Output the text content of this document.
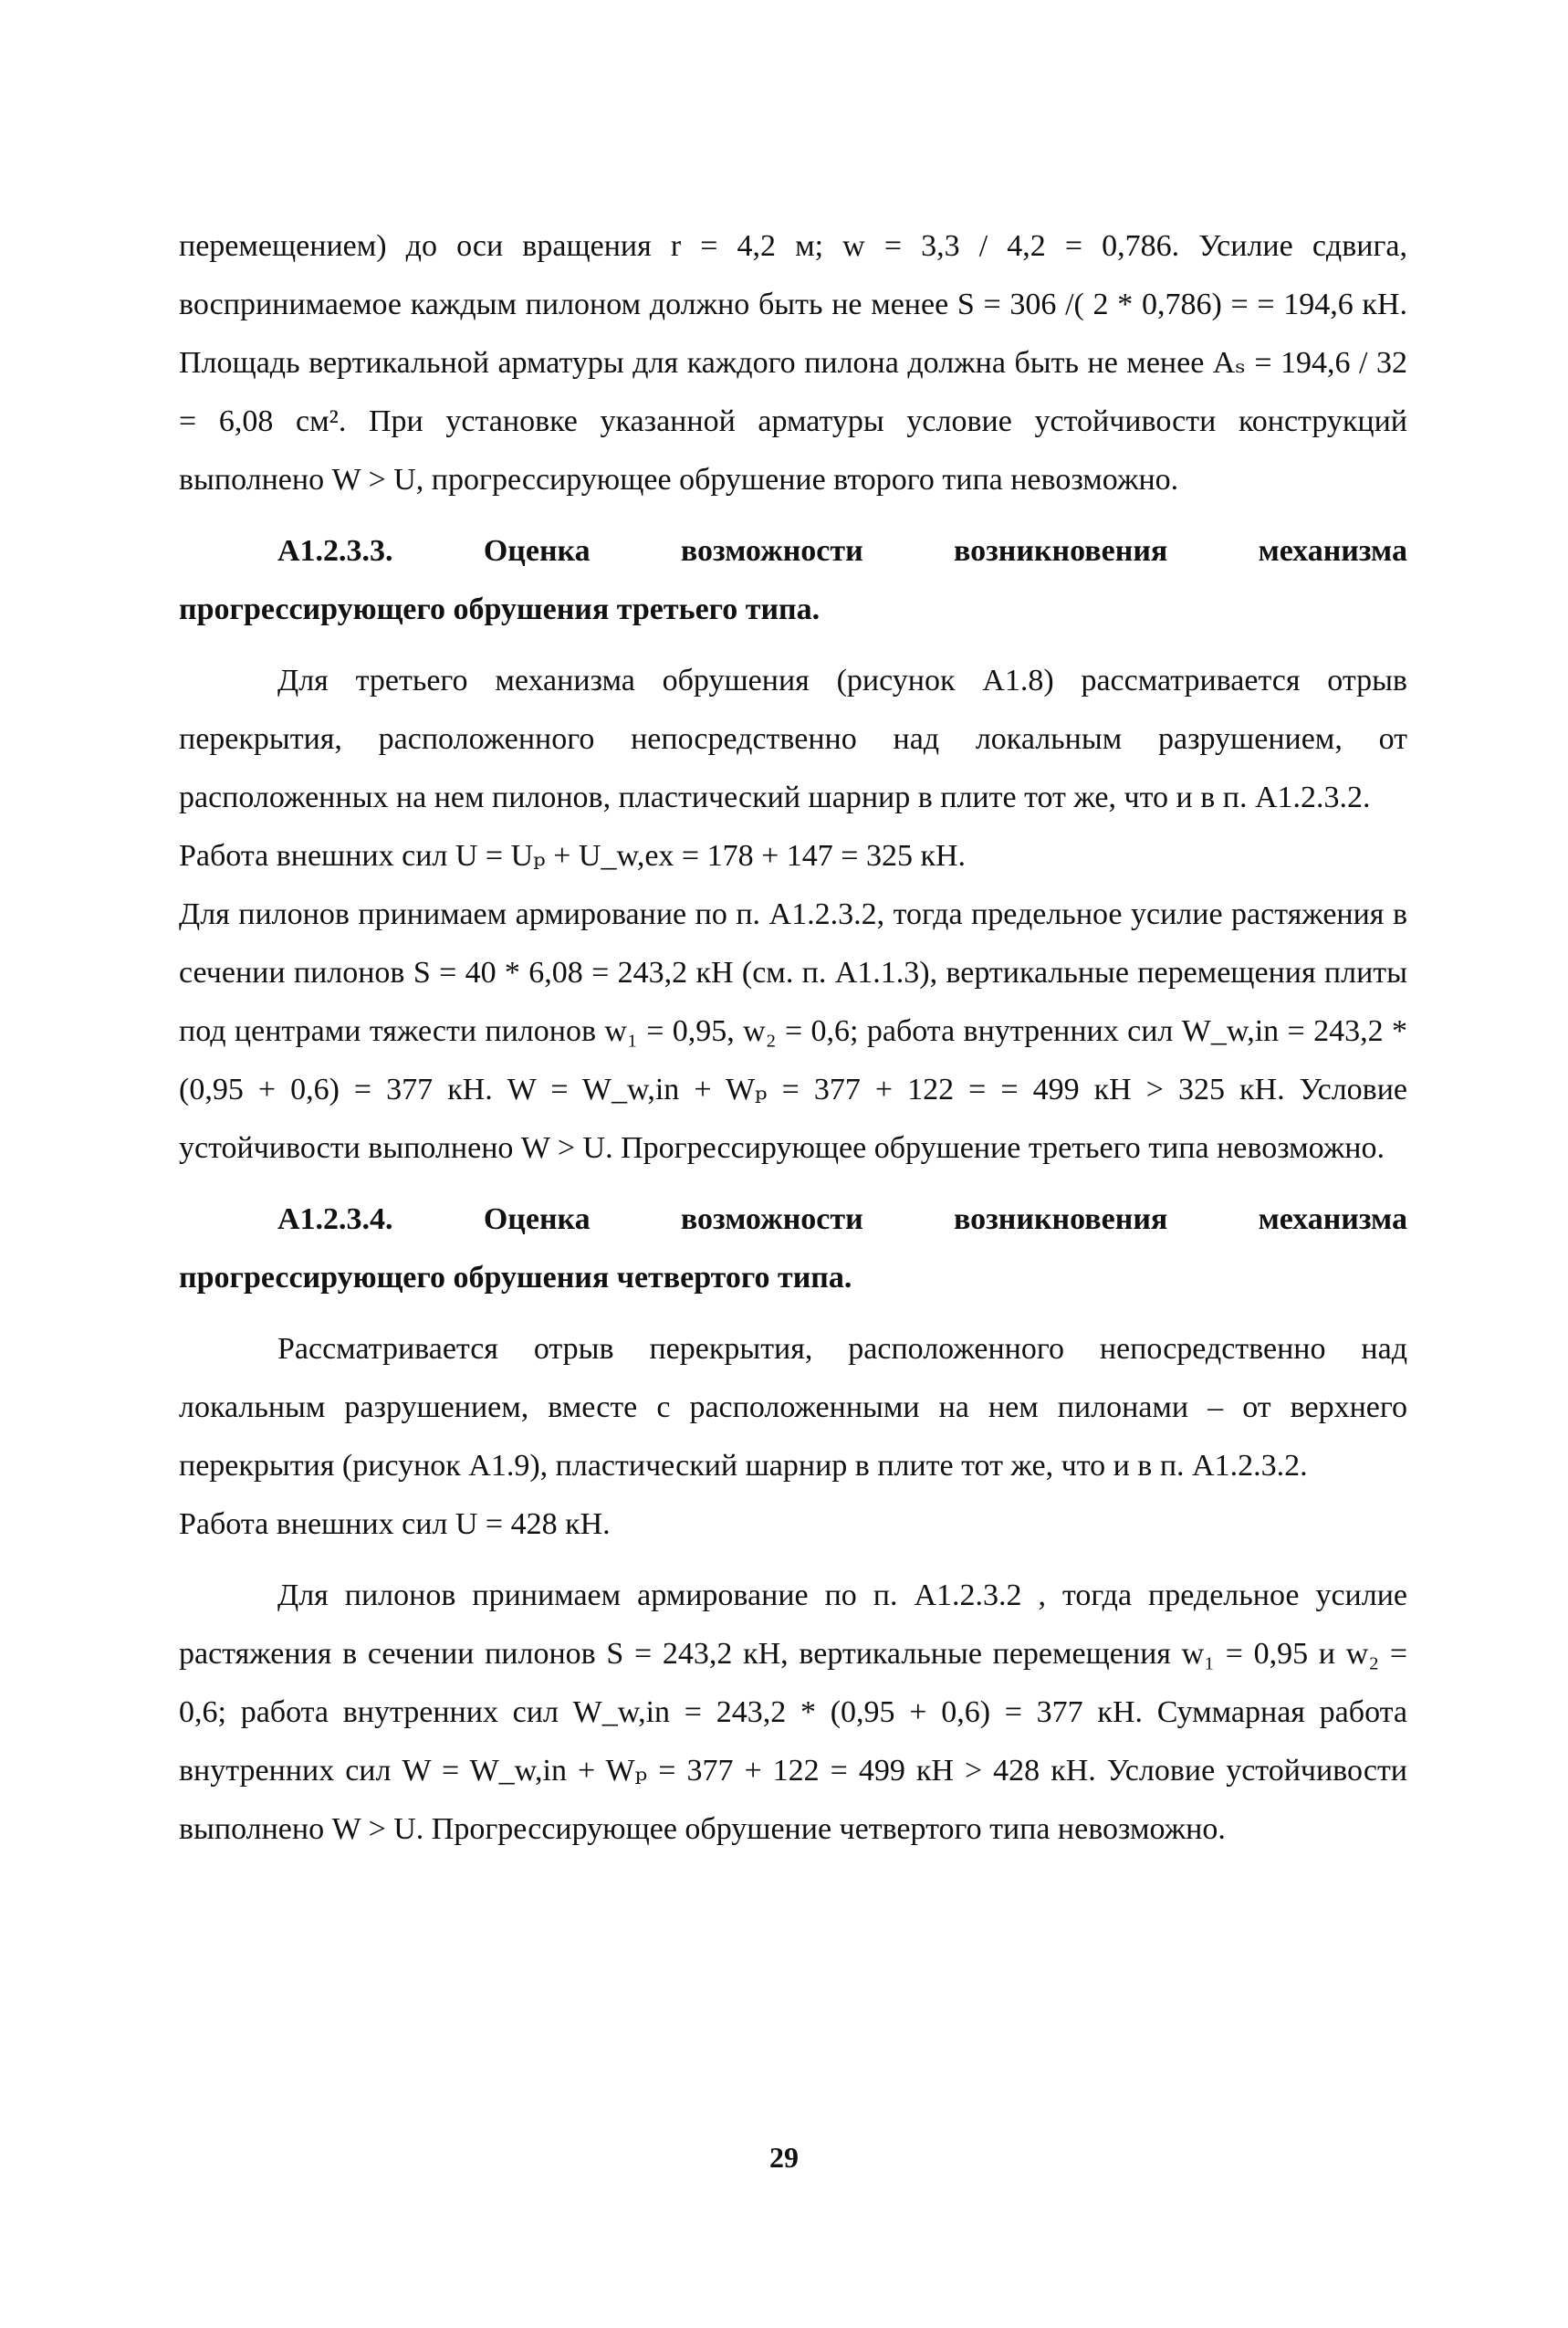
перемещением) до оси вращения r = 4,2 м; w = 3,3 / 4,2 = 0,786. Усилие сдвига, воспринимаемое каждым пилоном должно быть не менее S = 306 /( 2 * 0,786) = = 194,6 кН. Площадь вертикальной арматуры для каждого пилона должна быть не менее Aₛ = 194,6 / 32 = 6,08 см². При установке указанной арматуры условие устойчивости конструкций выполнено W > U, прогрессирующее обрушение второго типа невозможно.

А1.2.3.3.	Оценка	возможности	возникновения	механизма
прогрессирующего обрушения третьего типа.

Для третьего механизма обрушения (рисунок А1.8) рассматривается отрыв перекрытия, расположенного непосредственно над локальным разрушением, от расположенных на нем пилонов, пластический шарнир в плите тот же, что и в п. А1.2.3.2.

Работа внешних сил U = Uₚ + U_w,ex = 178 + 147 = 325 кН.

Для пилонов принимаем армирование по п. А1.2.3.2, тогда предельное усилие растяжения в сечении пилонов S = 40 * 6,08 = 243,2 кН (см. п. А1.1.3), вертикальные перемещения плиты под центрами тяжести пилонов w₁ = 0,95, w₂ = 0,6; работа внутренних сил W_w,in = 243,2 * (0,95 + 0,6) = 377 кН. W = W_w,in + Wₚ = 377 + 122 = = 499 кН > 325 кН. Условие устойчивости выполнено W > U. Прогрессирующее обрушение третьего типа невозможно.

А1.2.3.4.	Оценка	возможности	возникновения	механизма
прогрессирующего обрушения четвертого типа.

Рассматривается отрыв перекрытия, расположенного непосредственно над локальным разрушением, вместе с расположенными на нем пилонами – от верхнего перекрытия (рисунок А1.9), пластический шарнир в плите тот же, что и в п. А1.2.3.2.

Работа внешних сил U = 428 кН.

Для пилонов принимаем армирование по п. А1.2.3.2 , тогда предельное усилие растяжения в сечении пилонов S = 243,2 кН, вертикальные перемещения w₁ = 0,95 и w₂ = 0,6; работа внутренних сил W_w,in = 243,2 * (0,95 + 0,6) = 377 кН. Суммарная работа внутренних сил W = W_w,in + Wₚ = 377 + 122 = 499 кН > 428 кН. Условие устойчивости выполнено W > U. Прогрессирующее обрушение четвертого типа невозможно.

29
